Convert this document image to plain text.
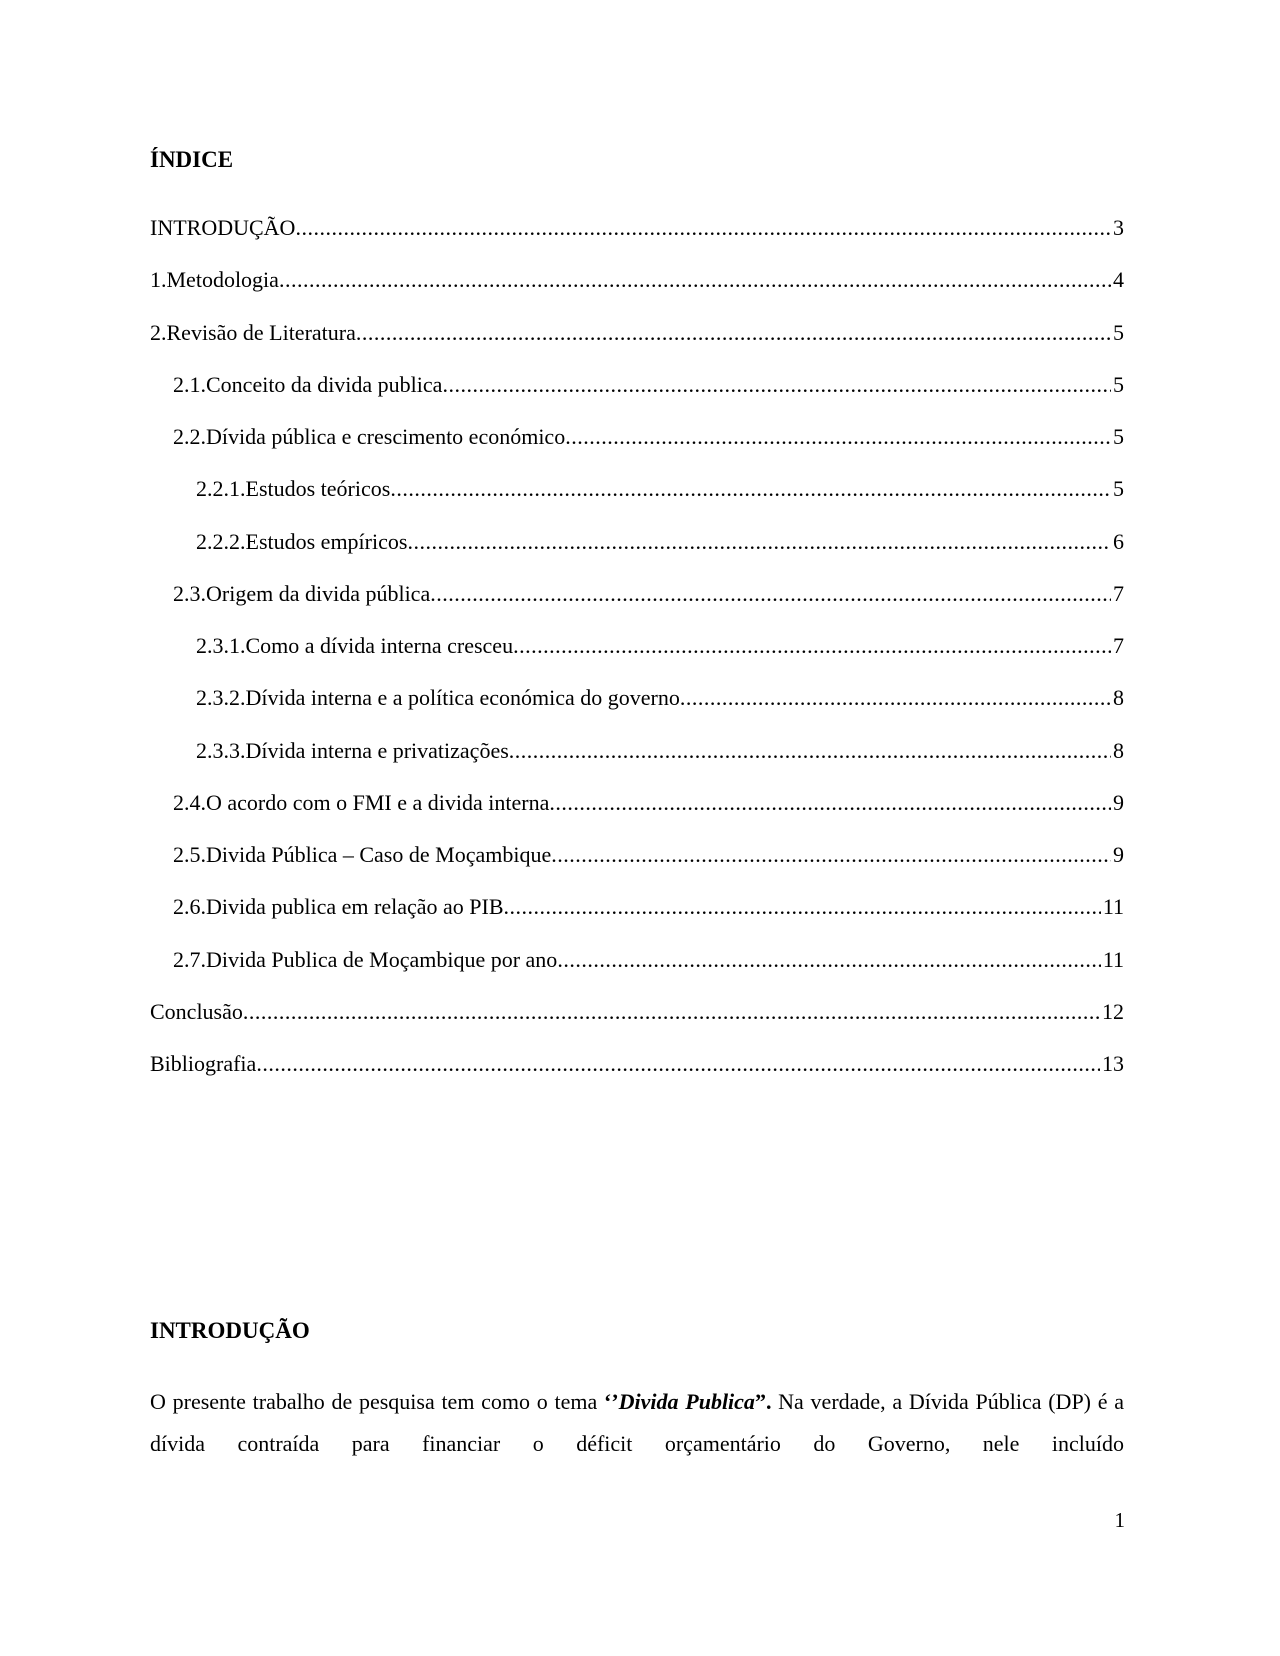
ÍNDICE
INTRODUÇÃO .....	3
1.Metodologia .....	4
2.Revisão de Literatura .....	5
2.1.Conceito da divida publica .....	5
2.2.Dívida pública e crescimento económico .....	5
2.2.1.Estudos teóricos .....	5
2.2.2.Estudos empíricos .....	6
2.3.Origem da divida pública .....	7
2.3.1.Como a dívida interna cresceu .....	7
2.3.2.Dívida interna e a política económica do governo .....	8
2.3.3.Dívida interna e privatizações .....	8
2.4.O acordo com o FMI e a divida interna .....	9
2.5.Divida Pública – Caso de Moçambique .....	9
2.6.Divida publica em relação ao PIB .....	11
2.7.Divida Publica de Moçambique por ano .....	11
Conclusão .....	12
Bibliografia .....	13
INTRODUÇÃO

O presente trabalho de pesquisa tem como o tema ‘’Divida Publica”. Na verdade, a Dívida Pública (DP) é a dívida contraída para financiar o déficit orçamentário do Governo, nele incluído

1
